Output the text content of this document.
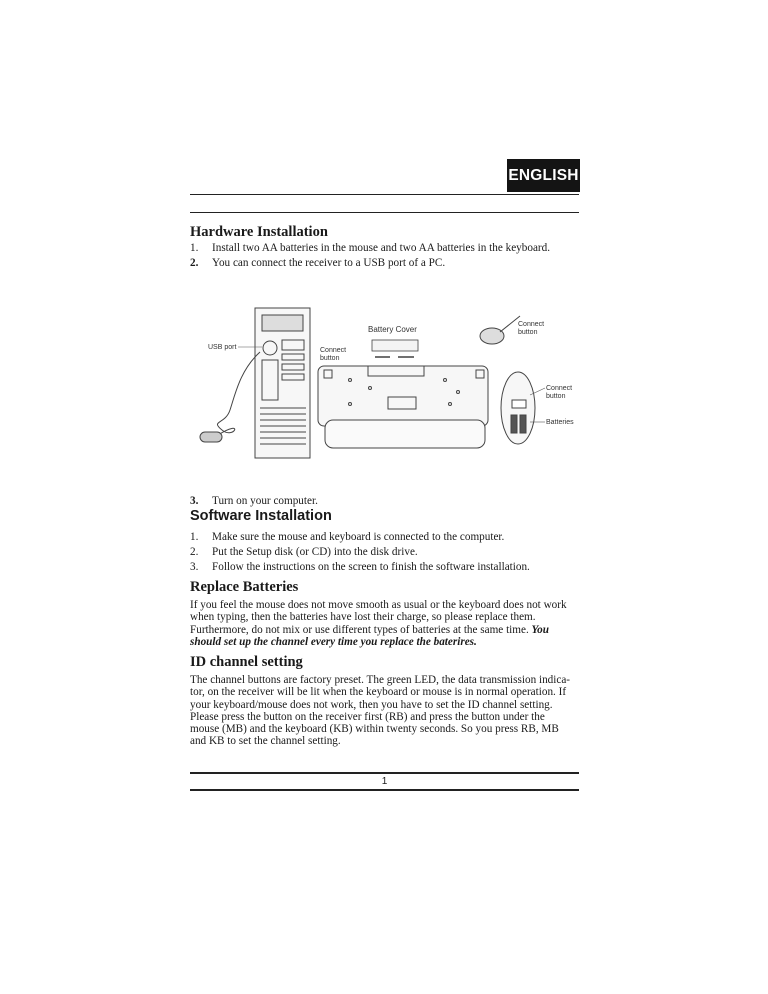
ENGLISH
Hardware Installation
1. Install two AA batteries in the mouse and two AA batteries in the keyboard.
2. You can connect the receiver to a USB port of a PC.
USB port
Battery Cover
Connect button
Connect button
Connect button
Batteries
3. Turn on your computer.
Software Installation
1. Make sure the mouse and keyboard is connected to the computer.
2. Put the Setup disk (or CD) into the disk drive.
3. Follow the instructions on the screen to finish the software installation.
Replace Batteries

If you feel the mouse does not move smooth as usual or the keyboard does not work
when typing, then the batteries have lost their charge, so please replace them.
Furthermore, do not mix or use different types of batteries at the same time. You
should set up the channel every time you replace the baterires.

ID channel setting

The channel buttons are factory preset. The green LED, the data transmission indica-
tor, on the receiver will be lit when the keyboard or mouse is in normal operation. If
your keyboard/mouse does not work, then you have to set the ID channel setting.
Please press the button on the receiver first (RB) and press the button under the
mouse (MB) and the keyboard (KB) within twenty seconds. So you press RB, MB
and KB to set the channel setting.

1
